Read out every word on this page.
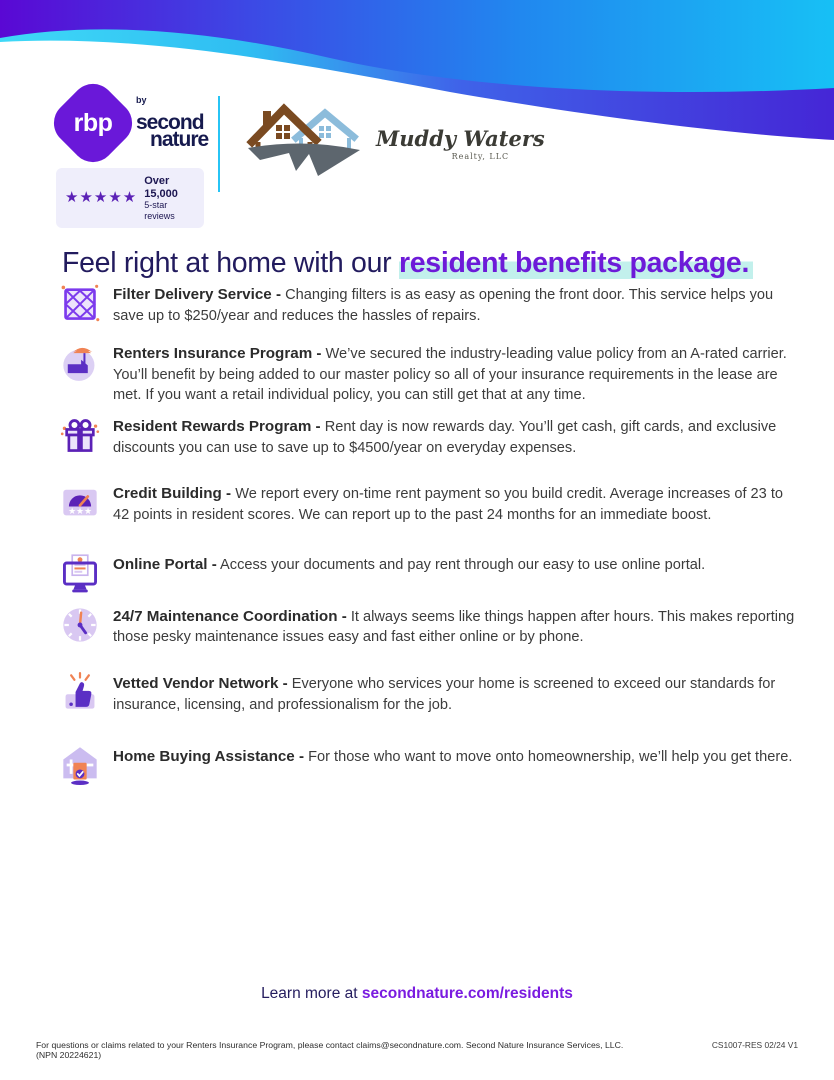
rbp
$^{by}$
second
nature
★★★★★
Over 15,000
5-star reviews
Muddy Waters
Realty, LLC
Feel right at home with our resident benefits package.
Filter Delivery Service - Changing filters is as easy as opening the front door. This service helps you save up to $250/year and reduces the hassles of repairs.
Renters Insurance Program - We’ve secured the industry-leading value policy from an A-rated carrier. You’ll benefit by being added to our master policy so all of your insurance requirements in the lease are met. If you want a retail individual policy, you can still get that at any time.
Resident Rewards Program - Rent day is now rewards day. You’ll get cash, gift cards, and exclusive discounts you can use to save up to $4500/year on everyday expenses.
★★★
Credit Building - We report every on-time rent payment so you build credit. Average increases of 23 to 42 points in resident scores. We can report up to the past 24 months for an immediate boost.
Online Portal - Access your documents and pay rent through our easy to use online portal.
24/7 Maintenance Coordination - It always seems like things happen after hours. This makes reporting those pesky maintenance issues easy and fast either online or by phone.
Vetted Vendor Network - Everyone who services your home is screened to exceed our standards for insurance, licensing, and professionalism for the job.
Home Buying Assistance - For those who want to move onto homeownership, we’ll help you get there.
Learn more at secondnature.com/residents
For questions or claims related to your Renters Insurance Program, please contact claims@secondnature.com. Second Nature Insurance Services, LLC. (NPN 20224621)
CS1007-RES 02/24 V1
